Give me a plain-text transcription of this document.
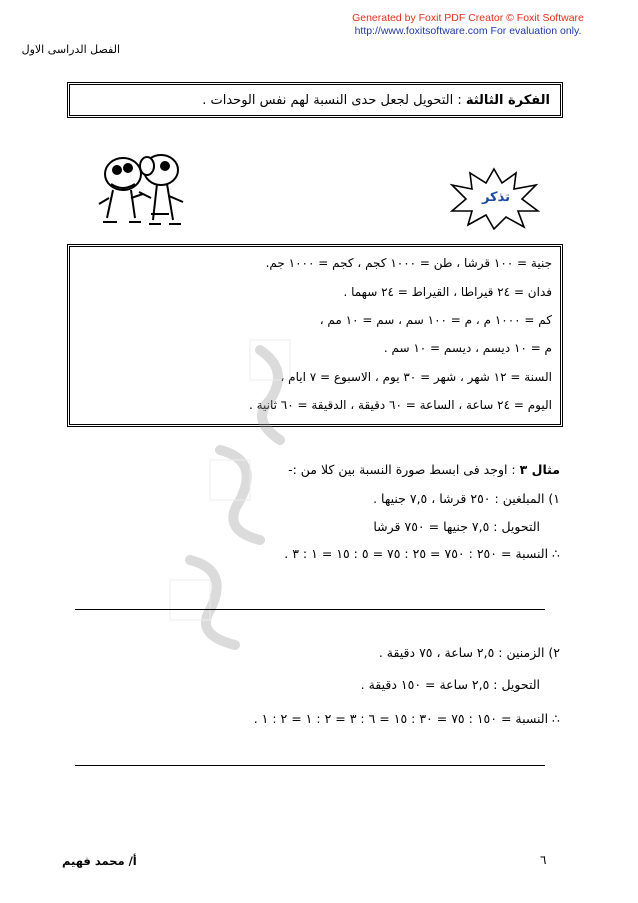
Generated by Foxit PDF Creator © Foxit Software
http://www.foxitsoftware.com For evaluation only.
الفصل الدراسى الاول
الفكرة الثالثة : التحويل لجعل حدى النسبة لهم نفس الوحدات .
تذكر
جنية = ١٠٠ قرشا ، طن = ١٠٠٠ كجم ، كجم = ١٠٠٠ جم.
فدان = ٢٤ قيراطا ، القيراط = ٢٤ سهما .
كم = ١٠٠٠ م ، م = ١٠٠ سم ، سم = ١٠ مم ،
م = ١٠ ديسم ، ديسم = ١٠ سم .
السنة = ١٢ شهر ، شهر = ٣٠ يوم ، الاسبوع = ٧ ايام ،
اليوم = ٢٤ ساعة ، الساعة = ٦٠ دقيقة ، الدقيقة = ٦٠ ثانية .
مثال ٣ : اوجد فى ابسط صورة النسبة بين كلا من :-
١) المبلغين : ٢٥٠ قرشا ، ٧,٥ جنيها .
التحويل : ٧,٥ جنيها = ٧٥٠ قرشا
∴ النسبة = ٢٥٠ : ٧٥٠ = ٢٥ : ٧٥ = ٥ : ١٥ = ١ : ٣ .
٢) الزمنين : ٢,٥ ساعة ، ٧٥ دقيقة .
التحويل : ٢,٥ ساعة = ١٥٠ دقيقة .
∴ النسبة = ١٥٠ : ٧٥ = ٣٠ : ١٥ = ٦ : ٣ = ٢ : ١ = ٢ : ١ .
أ/ محمد فهيم	٦
